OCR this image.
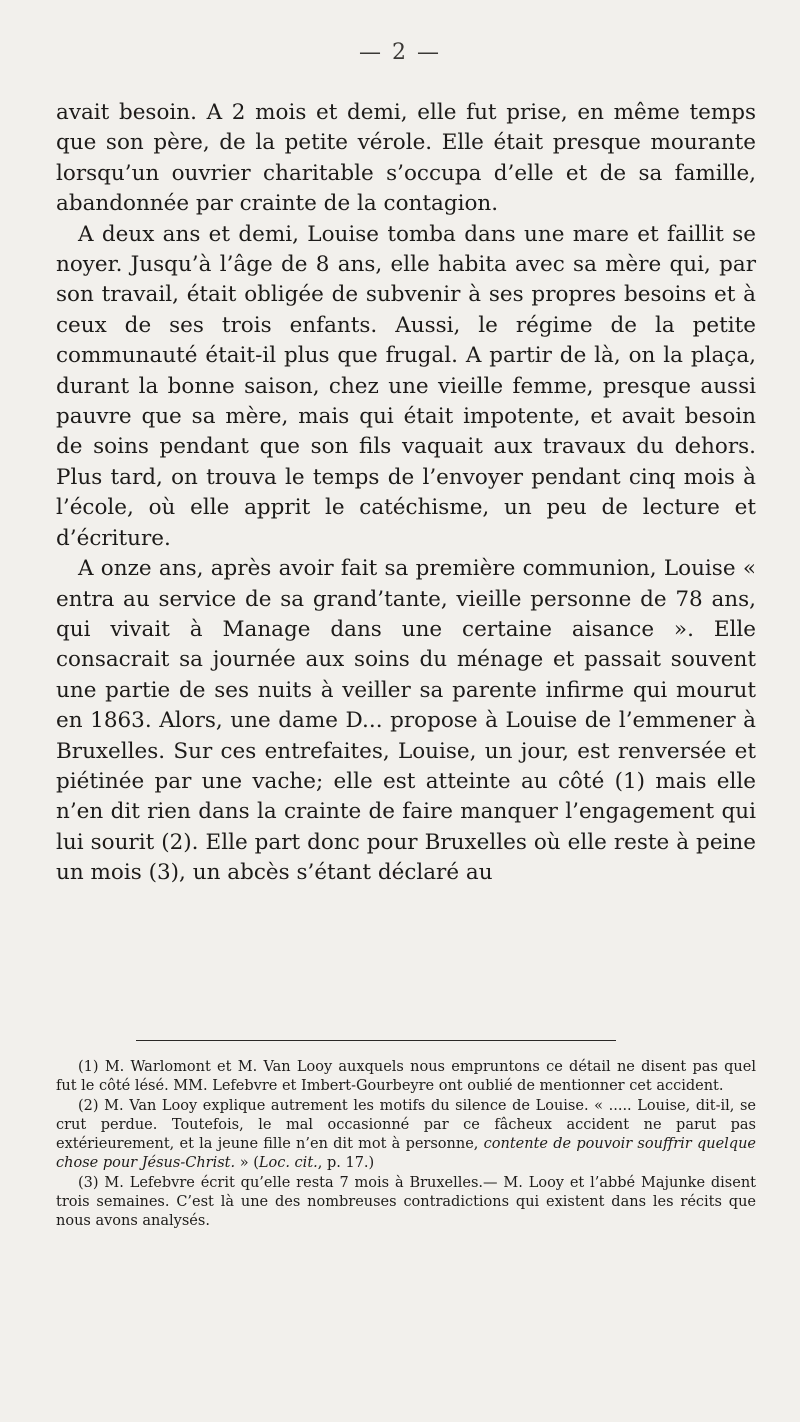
— 2 —

avait besoin. A 2 mois et demi, elle fut prise, en même temps que son père, de la petite vérole. Elle était presque mourante lorsqu’un ouvrier charitable s’occupa d’elle et de sa famille, abandonnée par crainte de la contagion.

A deux ans et demi, Louise tomba dans une mare et faillit se noyer. Jusqu’à l’âge de 8 ans, elle habita avec sa mère qui, par son travail, était obligée de subvenir à ses propres besoins et à ceux de ses trois enfants. Aussi, le régime de la petite communauté était-il plus que frugal. A partir de là, on la plaça, durant la bonne saison, chez une vieille femme, presque aussi pauvre que sa mère, mais qui était impotente, et avait besoin de soins pendant que son fils vaquait aux travaux du dehors. Plus tard, on trouva le temps de l’envoyer pendant cinq mois à l’école, où elle apprit le catéchisme, un peu de lecture et d’écriture.

A onze ans, après avoir fait sa première communion, Louise « entra au service de sa grand’tante, vieille personne de 78 ans, qui vivait à Manage dans une certaine aisance ». Elle consacrait sa journée aux soins du ménage et passait souvent une partie de ses nuits à veiller sa parente infirme qui mourut en 1863. Alors, une dame D... propose à Louise de l’emmener à Bruxelles. Sur ces entrefaites, Louise, un jour, est renversée et piétinée par une vache; elle est atteinte au côté (1) mais elle n’en dit rien dans la crainte de faire manquer l’engagement qui lui sourit (2). Elle part donc pour Bruxelles où elle reste à peine un mois (3), un abcès s’étant déclaré au

(1) M. Warlomont et M. Van Looy auxquels nous empruntons ce détail ne disent pas quel fut le côté lésé. MM. Lefebvre et Imbert-Gourbeyre ont oublié de mentionner cet accident.

(2) M. Van Looy explique autrement les motifs du silence de Louise. « ..... Louise, dit-il, se crut perdue. Toutefois, le mal occasionné par ce fâcheux accident ne parut pas extérieurement, et la jeune fille n’en dit mot à personne, contente de pouvoir souffrir quelque chose pour Jésus-Christ. » (Loc. cit., p. 17.)

(3) M. Lefebvre écrit qu’elle resta 7 mois à Bruxelles.— M. Looy et l’abbé Majunke disent trois semaines. C’est là une des nombreuses contradictions qui existent dans les récits que nous avons analysés.
